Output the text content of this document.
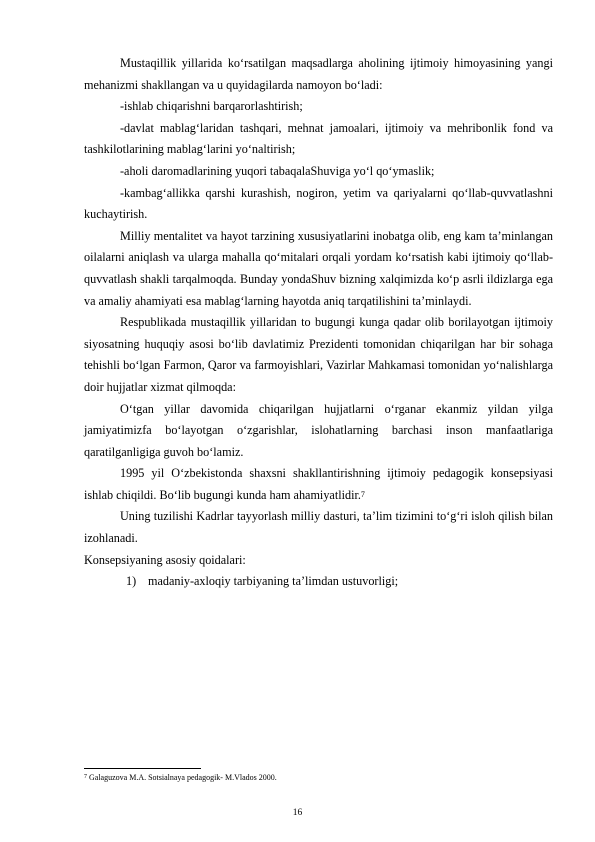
Mustaqillik yillarida ko‘rsatilgan maqsadlarga aholining ijtimoiy himoyasining yangi mehanizmi shakllangan va u quyidagilarda namoyon bo‘ladi:

-ishlab chiqarishni barqarorlashtirish;

-davlat mablag‘laridan tashqari, mehnat jamoalari, ijtimoiy va mehribonlik fond va tashkilotlarining mablag‘larini yo‘naltirish;

-aholi daromadlarining yuqori tabaqalaShuviga yo‘l qo‘ymaslik;

-kambag‘allikka qarshi kurashish, nogiron, yetim va qariyalarni qo‘llab-quvvatlashni kuchaytirish.

Milliy mentalitet va hayot tarzining xususiyatlarini inobatga olib, eng kam ta’minlangan oilalarni aniqlash va ularga mahalla qo‘mitalari orqali yordam ko‘rsatish kabi ijtimoiy qo‘llab-quvvatlash shakli tarqalmoqda. Bunday yondaShuv bizning xalqimizda ko‘p asrli ildizlarga ega va amaliy ahamiyati esa mablag‘larning hayotda aniq tarqatilishini ta’minlaydi.

Respublikada mustaqillik yillaridan to bugungi kunga qadar olib borilayotgan ijtimoiy siyosatning huquqiy asosi bo‘lib davlatimiz Prezidenti tomonidan chiqarilgan har bir sohaga tehishli bo‘lgan Farmon, Qaror va farmoyishlari, Vazirlar Mahkamasi tomonidan yo‘nalishlarga doir hujjatlar xizmat qilmoqda:

O‘tgan yillar davomida chiqarilgan hujjatlarni o‘rganar ekanmiz yildan yilga jamiyatimizfa bo‘layotgan o‘zgarishlar, islohatlarning barchasi inson manfaatlariga qaratilganligiga guvoh bo‘lamiz.

1995 yil O‘zbekistonda shaxsni shakllantirishning ijtimoiy pedagogik konsepsiyasi ishlab chiqildi. Bo‘lib bugungi kunda ham ahamiyatlidir.$^7$

Uning tuzilishi Kadrlar tayyorlash milliy dasturi, ta’lim tizimini to‘g‘ri isloh qilish bilan izohlanadi.

Konsepsiyaning asosiy qoidalari:

1) madaniy-axloqiy tarbiyaning ta’limdan ustuvorligi;

$^7$ Galaguzova M.A. Sotsialnaya pedagogik- M.Vlados 2000.
16
